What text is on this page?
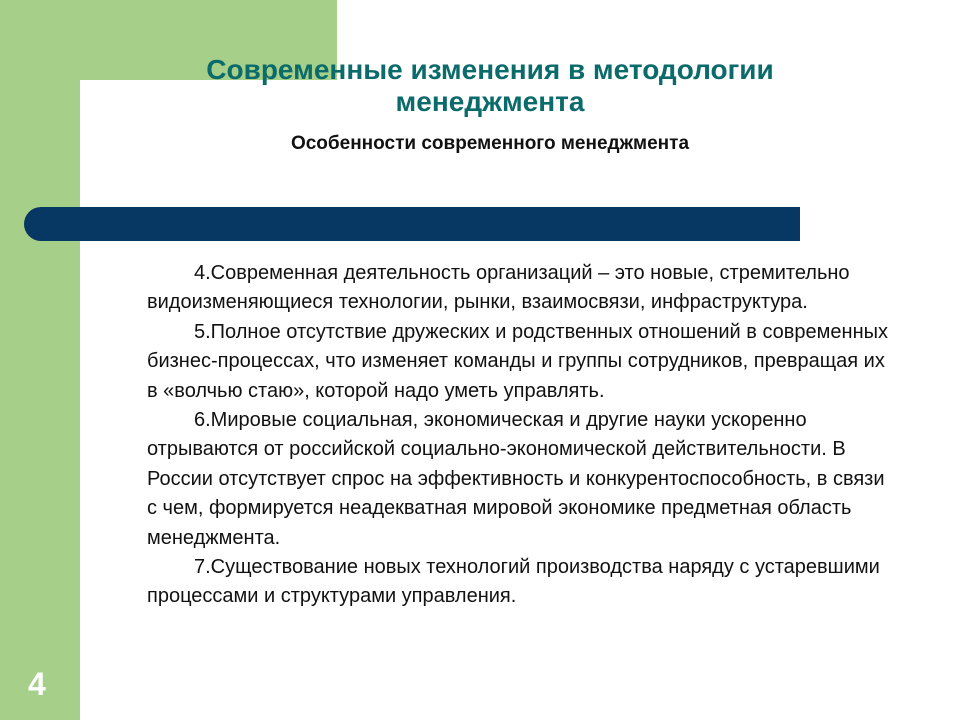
Современные изменения в методологии менеджмента
Особенности современного менеджмента

4.Современная деятельность организаций – это новые, стремительно видоизменяющиеся технологии, рынки, взаимосвязи, инфраструктура.

5.Полное отсутствие дружеских и родственных отношений в современных бизнес-процессах, что изменяет команды и группы сотрудников, превращая их в «волчью стаю», которой надо уметь управлять.

6.Мировые социальная, экономическая и другие науки ускоренно отрываются от российской социально-экономической действительности. В России отсутствует спрос на эффективность и конкурентоспособность, в связи с чем, формируется неадекватная мировой экономике предметная область менеджмента.

7.Существование новых технологий производства наряду с устаревшими процессами и структурами управления.

4
